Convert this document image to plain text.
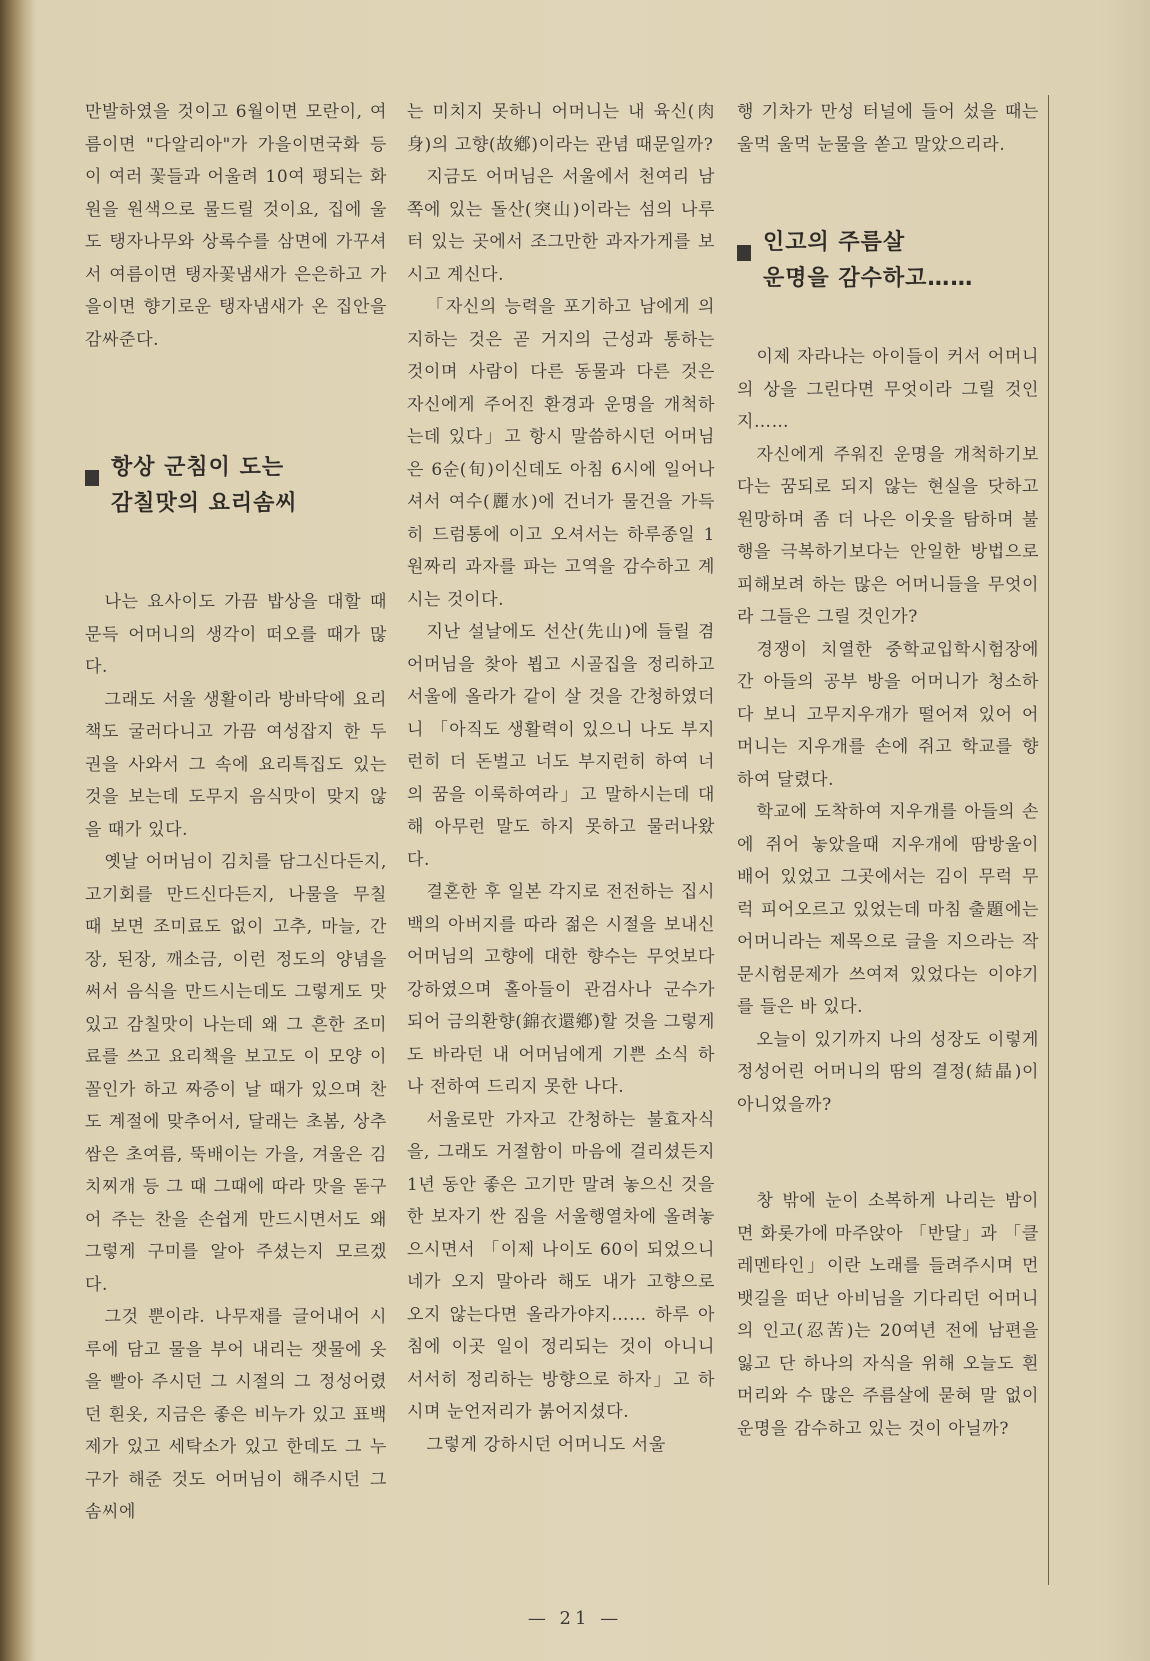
만발하였을 것이고 6월이면 모란이, 여름이면 "다알리아"가 가을이면국화 등이 여러 꽃들과 어울려 10여 평되는 화원을 원색으로 물드릴 것이요, 집에 울도 탱자나무와 상록수를 삼면에 가꾸셔서 여름이면 탱자꽃냄새가 은은하고 가을이면 향기로운 탱자냄새가 온 집안을 감싸준다.

항상 군침이 도는
감칠맛의 요리솜씨

나는 요사이도 가끔 밥상을 대할 때 문득 어머니의 생각이 떠오를 때가 많다.

그래도 서울 생활이라 방바닥에 요리책도 굴러다니고 가끔 여성잡지 한 두권을 사와서 그 속에 요리특집도 있는 것을 보는데 도무지 음식맛이 맞지 않을 때가 있다.

옛날 어머님이 김치를 담그신다든지, 고기회를 만드신다든지, 나물을 무칠 때 보면 조미료도 없이 고추, 마늘, 간장, 된장, 깨소금, 이런 정도의 양념을 써서 음식을 만드시는데도 그렇게도 맛있고 감칠맛이 나는데 왜 그 흔한 조미료를 쓰고 요리책을 보고도 이 모양 이 꼴인가 하고 짜증이 날 때가 있으며 찬도 계절에 맞추어서, 달래는 초봄, 상추쌈은 초여름, 뚝배이는 가을, 겨울은 김치찌개 등 그 때 그때에 따라 맛을 돋구어 주는 찬을 손쉽게 만드시면서도 왜 그렇게 구미를 알아 주셨는지 모르겠다.

그것 뿐이랴. 나무재를 글어내어 시루에 담고 물을 부어 내리는 잿물에 옷을 빨아 주시던 그 시절의 그 정성어렸던 흰옷, 지금은 좋은 비누가 있고 표백제가 있고 세탁소가 있고 한데도 그 누구가 해준 것도 어머님이 해주시던 그 솜씨에

는 미치지 못하니 어머니는 내 육신(肉身)의 고향(故鄕)이라는 관념 때문일까?

지금도 어머님은 서울에서 천여리 남쪽에 있는 돌산(突山)이라는 섬의 나루터 있는 곳에서 조그만한 과자가게를 보시고 계신다.

「자신의 능력을 포기하고 남에게 의지하는 것은 곧 거지의 근성과 통하는 것이며 사람이 다른 동물과 다른 것은 자신에게 주어진 환경과 운명을 개척하는데 있다」고 항시 말씀하시던 어머님은 6순(旬)이신데도 아침 6시에 일어나셔서 여수(麗水)에 건너가 물건을 가득히 드럼통에 이고 오셔서는 하루종일 1원짜리 과자를 파는 고역을 감수하고 계시는 것이다.

지난 설날에도 선산(先山)에 들릴 겸 어머님을 찾아 뵙고 시골집을 정리하고 서울에 올라가 같이 살 것을 간청하였더니 「아직도 생활력이 있으니 나도 부지런히 더 돈벌고 너도 부지런히 하여 너의 꿈을 이룩하여라」고 말하시는데 대해 아무런 말도 하지 못하고 물러나왔다.

결혼한 후 일본 각지로 전전하는 집시백의 아버지를 따라 젊은 시절을 보내신 어머님의 고향에 대한 향수는 무엇보다 강하였으며 홀아들이 관검사나 군수가 되어 금의환향(錦衣還鄕)할 것을 그렇게도 바라던 내 어머님에게 기쁜 소식 하나 전하여 드리지 못한 나다.

서울로만 가자고 간청하는 불효자식을, 그래도 거절함이 마음에 걸리셨든지 1년 동안 좋은 고기만 말려 놓으신 것을 한 보자기 싼 짐을 서울행열차에 올려놓으시면서 「이제 나이도 60이 되었으니 네가 오지 말아라 해도 내가 고향으로 오지 않는다면 올라가야지…… 하루 아침에 이곳 일이 정리되는 것이 아니니 서서히 정리하는 방향으로 하자」고 하시며 눈언저리가 붉어지셨다.

그렇게 강하시던 어머니도 서울

행 기차가 만성 터널에 들어 섰을 때는 울먹 울먹 눈물을 쏟고 말았으리라.

인고의 주름살
운명을 감수하고……

이제 자라나는 아이들이 커서 어머니의 상을 그린다면 무엇이라 그릴 것인지……

자신에게 주워진 운명을 개척하기보다는 꿈되로 되지 않는 현실을 닷하고 원망하며 좀 더 나은 이웃을 탐하며 불행을 극복하기보다는 안일한 방법으로 피해보려 하는 많은 어머니들을 무엇이라 그들은 그릴 것인가?

경쟁이 치열한 중학교입학시험장에 간 아들의 공부 방을 어머니가 청소하다 보니 고무지우개가 떨어져 있어 어머니는 지우개를 손에 쥐고 학교를 향하여 달렸다.

학교에 도착하여 지우개를 아들의 손에 쥐어 놓았을때 지우개에 땀방울이 배어 있었고 그곳에서는 김이 무럭 무럭 피어오르고 있었는데 마침 출題에는 어머니라는 제목으로 글을 지으라는 작문시험문제가 쓰여져 있었다는 이야기를 들은 바 있다.

오늘이 있기까지 나의 성장도 이렇게 정성어린 어머니의 땀의 결정(結晶)이 아니었을까?

창 밖에 눈이 소복하게 나리는 밤이면 화롯가에 마주앉아 「반달」과 「클레멘타인」이란 노래를 들려주시며 먼 뱃길을 떠난 아비님을 기다리던 어머니의 인고(忍苦)는 20여년 전에 남편을 잃고 단 하나의 자식을 위해 오늘도 흰 머리와 수 많은 주름살에 묻혀 말 없이 운명을 감수하고 있는 것이 아닐까?

— 21 —
